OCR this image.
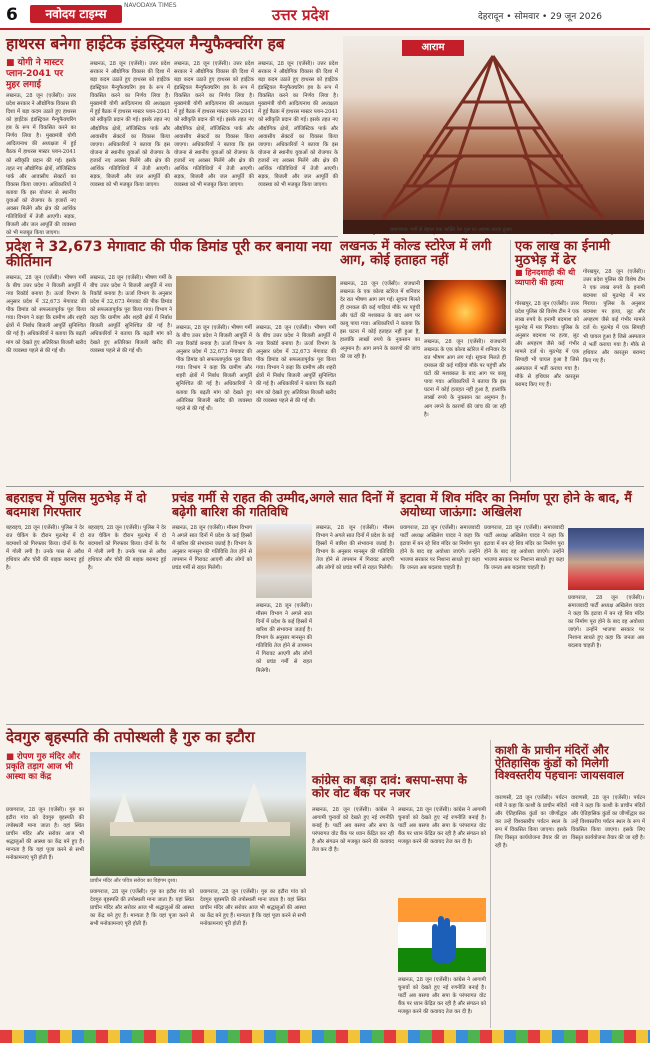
6	नवोदय टाइम्स
NAVODAYA TIMES
उत्तर प्रदेश	देहरादून • सोमवार • 29 जून 2026
हाथरस बनेगा हाईटेक इंडस्ट्रियल मैन्युफैक्चरिंग हब
■ योगी ने मास्टर प्लान-2041 पर मुहर लगाई
लखनऊ, 28 जून (एजेंसी)। उत्तर प्रदेश सरकार ने औद्योगिक विकास की दिशा में बड़ा कदम उठाते हुए हाथरस को हाईटेक इंडस्ट्रियल मैन्युफैक्चरिंग हब के रूप में विकसित करने का निर्णय लिया है। मुख्यमंत्री योगी आदित्यनाथ की अध्यक्षता में हुई बैठक में हाथरस मास्टर प्लान-2041 को स्वीकृति प्रदान की गई। इसके तहत नए औद्योगिक क्षेत्रों, लॉजिस्टिक पार्क और आवासीय सेक्टरों का विकास किया जाएगा। अधिकारियों ने बताया कि इस योजना से स्थानीय युवाओं को रोजगार के हजारों नए अवसर मिलेंगे और क्षेत्र की आर्थिक गतिविधियों में तेजी आएगी। सड़क, बिजली और जल आपूर्ति की व्यवस्था को भी मजबूत किया जाएगा।
लखनऊ, 28 जून (एजेंसी)। उत्तर प्रदेश सरकार ने औद्योगिक विकास की दिशा में बड़ा कदम उठाते हुए हाथरस को हाईटेक इंडस्ट्रियल मैन्युफैक्चरिंग हब के रूप में विकसित करने का निर्णय लिया है। मुख्यमंत्री योगी आदित्यनाथ की अध्यक्षता में हुई बैठक में हाथरस मास्टर प्लान-2041 को स्वीकृति प्रदान की गई। इसके तहत नए औद्योगिक क्षेत्रों, लॉजिस्टिक पार्क और आवासीय सेक्टरों का विकास किया जाएगा। अधिकारियों ने बताया कि इस योजना से स्थानीय युवाओं को रोजगार के हजारों नए अवसर मिलेंगे और क्षेत्र की आर्थिक गतिविधियों में तेजी आएगी। सड़क, बिजली और जल आपूर्ति की व्यवस्था को भी मजबूत किया जाएगा।
लखनऊ, 28 जून (एजेंसी)। उत्तर प्रदेश सरकार ने औद्योगिक विकास की दिशा में बड़ा कदम उठाते हुए हाथरस को हाईटेक इंडस्ट्रियल मैन्युफैक्चरिंग हब के रूप में विकसित करने का निर्णय लिया है। मुख्यमंत्री योगी आदित्यनाथ की अध्यक्षता में हुई बैठक में हाथरस मास्टर प्लान-2041 को स्वीकृति प्रदान की गई। इसके तहत नए औद्योगिक क्षेत्रों, लॉजिस्टिक पार्क और आवासीय सेक्टरों का विकास किया जाएगा। अधिकारियों ने बताया कि इस योजना से स्थानीय युवाओं को रोजगार के हजारों नए अवसर मिलेंगे और क्षेत्र की आर्थिक गतिविधियों में तेजी आएगी। सड़क, बिजली और जल आपूर्ति की व्यवस्था को भी मजबूत किया जाएगा।
लखनऊ, 28 जून (एजेंसी)। उत्तर प्रदेश सरकार ने औद्योगिक विकास की दिशा में बड़ा कदम उठाते हुए हाथरस को हाईटेक इंडस्ट्रियल मैन्युफैक्चरिंग हब के रूप में विकसित करने का निर्णय लिया है। मुख्यमंत्री योगी आदित्यनाथ की अध्यक्षता में हुई बैठक में हाथरस मास्टर प्लान-2041 को स्वीकृति प्रदान की गई। इसके तहत नए औद्योगिक क्षेत्रों, लॉजिस्टिक पार्क और आवासीय सेक्टरों का विकास किया जाएगा। अधिकारियों ने बताया कि इस योजना से स्थानीय युवाओं को रोजगार के हजारों नए अवसर मिलेंगे और क्षेत्र की आर्थिक गतिविधियों में तेजी आएगी। सड़क, बिजली और जल आपूर्ति की व्यवस्था को भी मजबूत किया जाएगा।
आराम
प्रयागराज: गर्मी से बेहाल एक व्यक्ति रेल पुल पर आराम करता हुआ।
प्रदेश ने 32,673 मेगावाट की पीक डिमांड पूरी कर बनाया नया कीर्तिमान
लखनऊ, 28 जून (एजेंसी)। भीषण गर्मी के बीच उत्तर प्रदेश ने बिजली आपूर्ति में नया रिकॉर्ड बनाया है। ऊर्जा विभाग के अनुसार प्रदेश में 32,673 मेगावाट की पीक डिमांड को सफलतापूर्वक पूरा किया गया। विभाग ने कहा कि ग्रामीण और शहरी क्षेत्रों में निर्बाध बिजली आपूर्ति सुनिश्चित की गई है। अधिकारियों ने बताया कि बढ़ती मांग को देखते हुए अतिरिक्त बिजली खरीद की व्यवस्था पहले से की गई थी।
लखनऊ, 28 जून (एजेंसी)। भीषण गर्मी के बीच उत्तर प्रदेश ने बिजली आपूर्ति में नया रिकॉर्ड बनाया है। ऊर्जा विभाग के अनुसार प्रदेश में 32,673 मेगावाट की पीक डिमांड को सफलतापूर्वक पूरा किया गया। विभाग ने कहा कि ग्रामीण और शहरी क्षेत्रों में निर्बाध बिजली आपूर्ति सुनिश्चित की गई है। अधिकारियों ने बताया कि बढ़ती मांग को देखते हुए अतिरिक्त बिजली खरीद की व्यवस्था पहले से की गई थी।
लखनऊ, 28 जून (एजेंसी)। भीषण गर्मी के बीच उत्तर प्रदेश ने बिजली आपूर्ति में नया रिकॉर्ड बनाया है। ऊर्जा विभाग के अनुसार प्रदेश में 32,673 मेगावाट की पीक डिमांड को सफलतापूर्वक पूरा किया गया। विभाग ने कहा कि ग्रामीण और शहरी क्षेत्रों में निर्बाध बिजली आपूर्ति सुनिश्चित की गई है। अधिकारियों ने बताया कि बढ़ती मांग को देखते हुए अतिरिक्त बिजली खरीद की व्यवस्था पहले से की गई थी।
लखनऊ, 28 जून (एजेंसी)। भीषण गर्मी के बीच उत्तर प्रदेश ने बिजली आपूर्ति में नया रिकॉर्ड बनाया है। ऊर्जा विभाग के अनुसार प्रदेश में 32,673 मेगावाट की पीक डिमांड को सफलतापूर्वक पूरा किया गया। विभाग ने कहा कि ग्रामीण और शहरी क्षेत्रों में निर्बाध बिजली आपूर्ति सुनिश्चित की गई है। अधिकारियों ने बताया कि बढ़ती मांग को देखते हुए अतिरिक्त बिजली खरीद की व्यवस्था पहले से की गई थी।
लखनऊ में कोल्ड स्टोरेज में लगी आग, कोई हताहत नहीं
लखनऊ, 28 जून (एजेंसी)। राजधानी लखनऊ के एक कोल्ड स्टोरेज में शनिवार देर रात भीषण आग लग गई। सूचना मिलते ही दमकल की कई गाड़ियां मौके पर पहुंचीं और घंटों की मशक्कत के बाद आग पर काबू पाया गया। अधिकारियों ने बताया कि इस घटना में कोई हताहत नहीं हुआ है, हालांकि लाखों रुपये के नुकसान का अनुमान है। आग लगने के कारणों की जांच की जा रही है।
लखनऊ, 28 जून (एजेंसी)। राजधानी लखनऊ के एक कोल्ड स्टोरेज में शनिवार देर रात भीषण आग लग गई। सूचना मिलते ही दमकल की कई गाड़ियां मौके पर पहुंचीं और घंटों की मशक्कत के बाद आग पर काबू पाया गया। अधिकारियों ने बताया कि इस घटना में कोई हताहत नहीं हुआ है, हालांकि लाखों रुपये के नुकसान का अनुमान है। आग लगने के कारणों की जांच की जा रही है।
एक लाख का ईनामी मुठभेड़ में ढेर
■ हिनदशाही की थी व्यापारी की हत्या
गोरखपुर, 28 जून (एजेंसी)। उत्तर प्रदेश पुलिस की विशेष टीम ने एक लाख रुपये के इनामी बदमाश को मुठभेड़ में मार गिराया। पुलिस के अनुसार बदमाश पर हत्या, लूट और अपहरण जैसे कई गंभीर मामले दर्ज थे। मुठभेड़ में एक सिपाही भी घायल हुआ है जिसे अस्पताल में भर्ती कराया गया है। मौके से हथियार और कारतूस बरामद किए गए हैं।
गोरखपुर, 28 जून (एजेंसी)। उत्तर प्रदेश पुलिस की विशेष टीम ने एक लाख रुपये के इनामी बदमाश को मुठभेड़ में मार गिराया। पुलिस के अनुसार बदमाश पर हत्या, लूट और अपहरण जैसे कई गंभीर मामले दर्ज थे। मुठभेड़ में एक सिपाही भी घायल हुआ है जिसे अस्पताल में भर्ती कराया गया है। मौके से हथियार और कारतूस बरामद किए गए हैं।
बहराइच में पुलिस मुठभेड़ में दो बदमाश गिरफ्तार
बहराइच, 28 जून (एजेंसी)। पुलिस ने देर रात चेकिंग के दौरान मुठभेड़ में दो बदमाशों को गिरफ्तार किया। दोनों के पैर में गोली लगी है। उनके पास से अवैध हथियार और चोरी की बाइक बरामद हुई है।
बहराइच, 28 जून (एजेंसी)। पुलिस ने देर रात चेकिंग के दौरान मुठभेड़ में दो बदमाशों को गिरफ्तार किया। दोनों के पैर में गोली लगी है। उनके पास से अवैध हथियार और चोरी की बाइक बरामद हुई है।
प्रचंड गर्मी से राहत की उम्मीद,अगले सात दिनों में बढ़ेगी बारिश की गतिविधि
लखनऊ, 28 जून (एजेंसी)। मौसम विभाग ने अगले सात दिनों में प्रदेश के कई हिस्सों में बारिश की संभावना जताई है। विभाग के अनुसार मानसून की गतिविधि तेज होने से तापमान में गिरावट आएगी और लोगों को प्रचंड गर्मी से राहत मिलेगी।
लखनऊ, 28 जून (एजेंसी)। मौसम विभाग ने अगले सात दिनों में प्रदेश के कई हिस्सों में बारिश की संभावना जताई है। विभाग के अनुसार मानसून की गतिविधि तेज होने से तापमान में गिरावट आएगी और लोगों को प्रचंड गर्मी से राहत मिलेगी।
लखनऊ, 28 जून (एजेंसी)। मौसम विभाग ने अगले सात दिनों में प्रदेश के कई हिस्सों में बारिश की संभावना जताई है। विभाग के अनुसार मानसून की गतिविधि तेज होने से तापमान में गिरावट आएगी और लोगों को प्रचंड गर्मी से राहत मिलेगी।
इटावा में शिव मंदिर का निर्माण पूरा होने के बाद, मैं अयोध्या जाऊंगा: अखिलेश
प्रयागराज, 28 जून (एजेंसी)। समाजवादी पार्टी अध्यक्ष अखिलेश यादव ने कहा कि इटावा में बन रहे शिव मंदिर का निर्माण पूरा होने के बाद वह अयोध्या जाएंगे। उन्होंने भाजपा सरकार पर निशाना साधते हुए कहा कि जनता अब बदलाव चाहती है।
प्रयागराज, 28 जून (एजेंसी)। समाजवादी पार्टी अध्यक्ष अखिलेश यादव ने कहा कि इटावा में बन रहे शिव मंदिर का निर्माण पूरा होने के बाद वह अयोध्या जाएंगे। उन्होंने भाजपा सरकार पर निशाना साधते हुए कहा कि जनता अब बदलाव चाहती है।
प्रयागराज, 28 जून (एजेंसी)। समाजवादी पार्टी अध्यक्ष अखिलेश यादव ने कहा कि इटावा में बन रहे शिव मंदिर का निर्माण पूरा होने के बाद वह अयोध्या जाएंगे। उन्होंने भाजपा सरकार पर निशाना साधते हुए कहा कि जनता अब बदलाव चाहती है।
देवगुरु बृहस्पति की तपोस्थली है गुरु का इटौरा
■ रोपण गुरु मंदिर और प्रकृति तड़ाग आज भी आस्था का केंद्र
प्रयागराज, 28 जून (एजेंसी)। गुरु का इटौरा गांव को देवगुरु बृहस्पति की तपोस्थली माना जाता है। यहां स्थित प्राचीन मंदिर और सरोवर आज भी श्रद्धालुओं की आस्था का केंद्र बने हुए हैं। मान्यता है कि यहां पूजा करने से सभी मनोकामनाएं पूरी होती हैं।
प्राचीन मंदिर और पवित्र सरोवर का विहंगम दृश्य।
प्रयागराज, 28 जून (एजेंसी)। गुरु का इटौरा गांव को देवगुरु बृहस्पति की तपोस्थली माना जाता है। यहां स्थित प्राचीन मंदिर और सरोवर आज भी श्रद्धालुओं की आस्था का केंद्र बने हुए हैं। मान्यता है कि यहां पूजा करने से सभी मनोकामनाएं पूरी होती हैं।
प्रयागराज, 28 जून (एजेंसी)। गुरु का इटौरा गांव को देवगुरु बृहस्पति की तपोस्थली माना जाता है। यहां स्थित प्राचीन मंदिर और सरोवर आज भी श्रद्धालुओं की आस्था का केंद्र बने हुए हैं। मान्यता है कि यहां पूजा करने से सभी मनोकामनाएं पूरी होती हैं।
कांग्रेस का बड़ा दावं: बसपा-सपा के कोर वोट बैंक पर नजर
लखनऊ, 28 जून (एजेंसी)। कांग्रेस ने आगामी चुनावों को देखते हुए नई रणनीति बनाई है। पार्टी अब बसपा और सपा के परंपरागत वोट बैंक पर ध्यान केंद्रित कर रही है और संगठन को मजबूत करने की कवायद तेज कर दी है।
लखनऊ, 28 जून (एजेंसी)। कांग्रेस ने आगामी चुनावों को देखते हुए नई रणनीति बनाई है। पार्टी अब बसपा और सपा के परंपरागत वोट बैंक पर ध्यान केंद्रित कर रही है और संगठन को मजबूत करने की कवायद तेज कर दी है।
लखनऊ, 28 जून (एजेंसी)। कांग्रेस ने आगामी चुनावों को देखते हुए नई रणनीति बनाई है। पार्टी अब बसपा और सपा के परंपरागत वोट बैंक पर ध्यान केंद्रित कर रही है और संगठन को मजबूत करने की कवायद तेज कर दी है।
काशी के प्राचीन मंदिरों और ऐतिहासिक कुंडों को मिलेगी विश्वस्तरीय पहचानः जायसवाल
वाराणसी, 28 जून (एजेंसी)। पर्यटन मंत्री ने कहा कि काशी के प्राचीन मंदिरों और ऐतिहासिक कुंडों का जीर्णोद्धार कर उन्हें विश्वस्तरीय पर्यटन स्थल के रूप में विकसित किया जाएगा। इसके लिए विस्तृत कार्ययोजना तैयार की जा रही है।
वाराणसी, 28 जून (एजेंसी)। पर्यटन मंत्री ने कहा कि काशी के प्राचीन मंदिरों और ऐतिहासिक कुंडों का जीर्णोद्धार कर उन्हें विश्वस्तरीय पर्यटन स्थल के रूप में विकसित किया जाएगा। इसके लिए विस्तृत कार्ययोजना तैयार की जा रही है।
